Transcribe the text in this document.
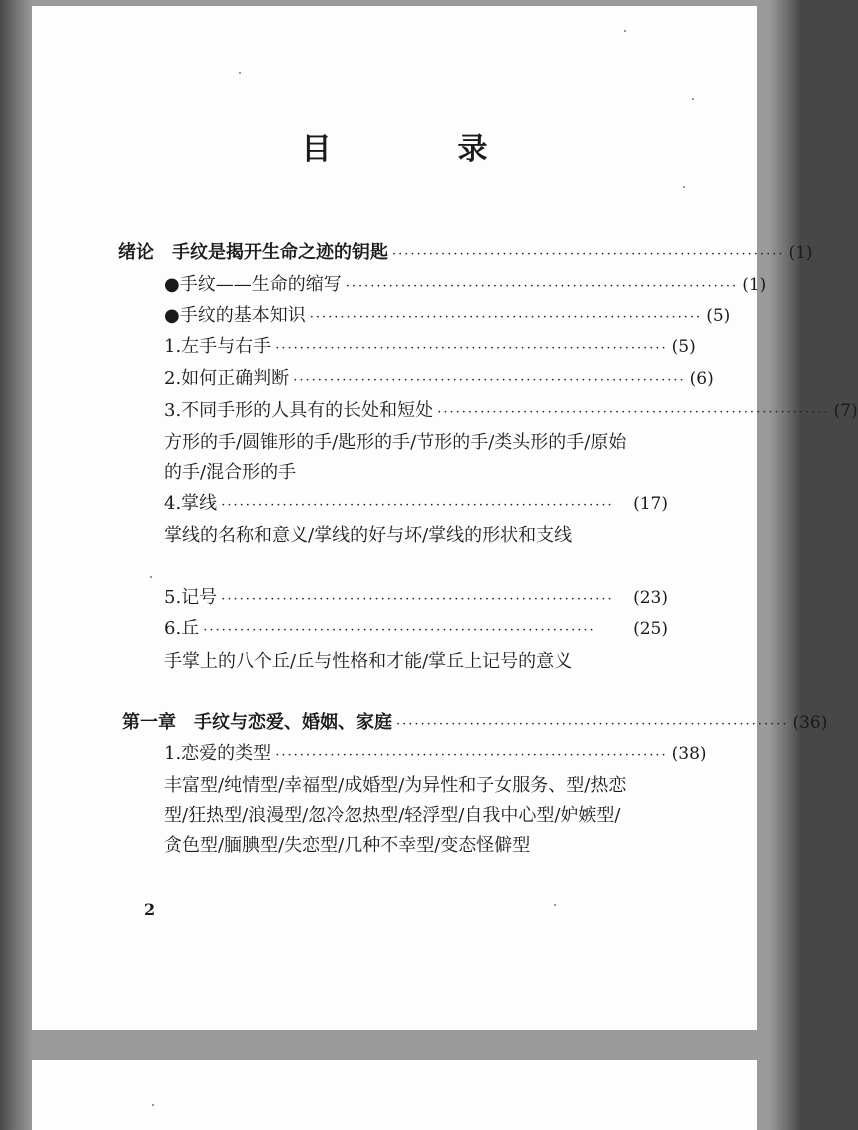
目　录
绪论　手纹是揭开生命之迹的钥匙 ································································ (1)
●手纹——生命的缩写 ································································ (1)
●手纹的基本知识 ································································ (5)
1.左手与右手 ································································ (5)
2.如何正确判断 ································································ (6)
3.不同手形的人具有的长处和短处 ································································ (7)
方形的手/圆锥形的手/匙形的手/节形的手/类头形的手/原始的手/混合形的手
4.掌线 ································································	(17)
掌线的名称和意义/掌线的好与坏/掌线的形状和支线
5.记号 ································································	(23)
6.丘 ································································	(25)
手掌上的八个丘/丘与性格和才能/掌丘上记号的意义
第一章　手纹与恋爱、婚姻、家庭 ································································ (36)
1.恋爱的类型 ································································ (38)
丰富型/纯情型/幸福型/成婚型/为异性和子女服务、型/热恋型/狂热型/浪漫型/忽冷忽热型/轻浮型/自我中心型/妒嫉型/贪色型/腼腆型/失恋型/几种不幸型/变态怪僻型
2
